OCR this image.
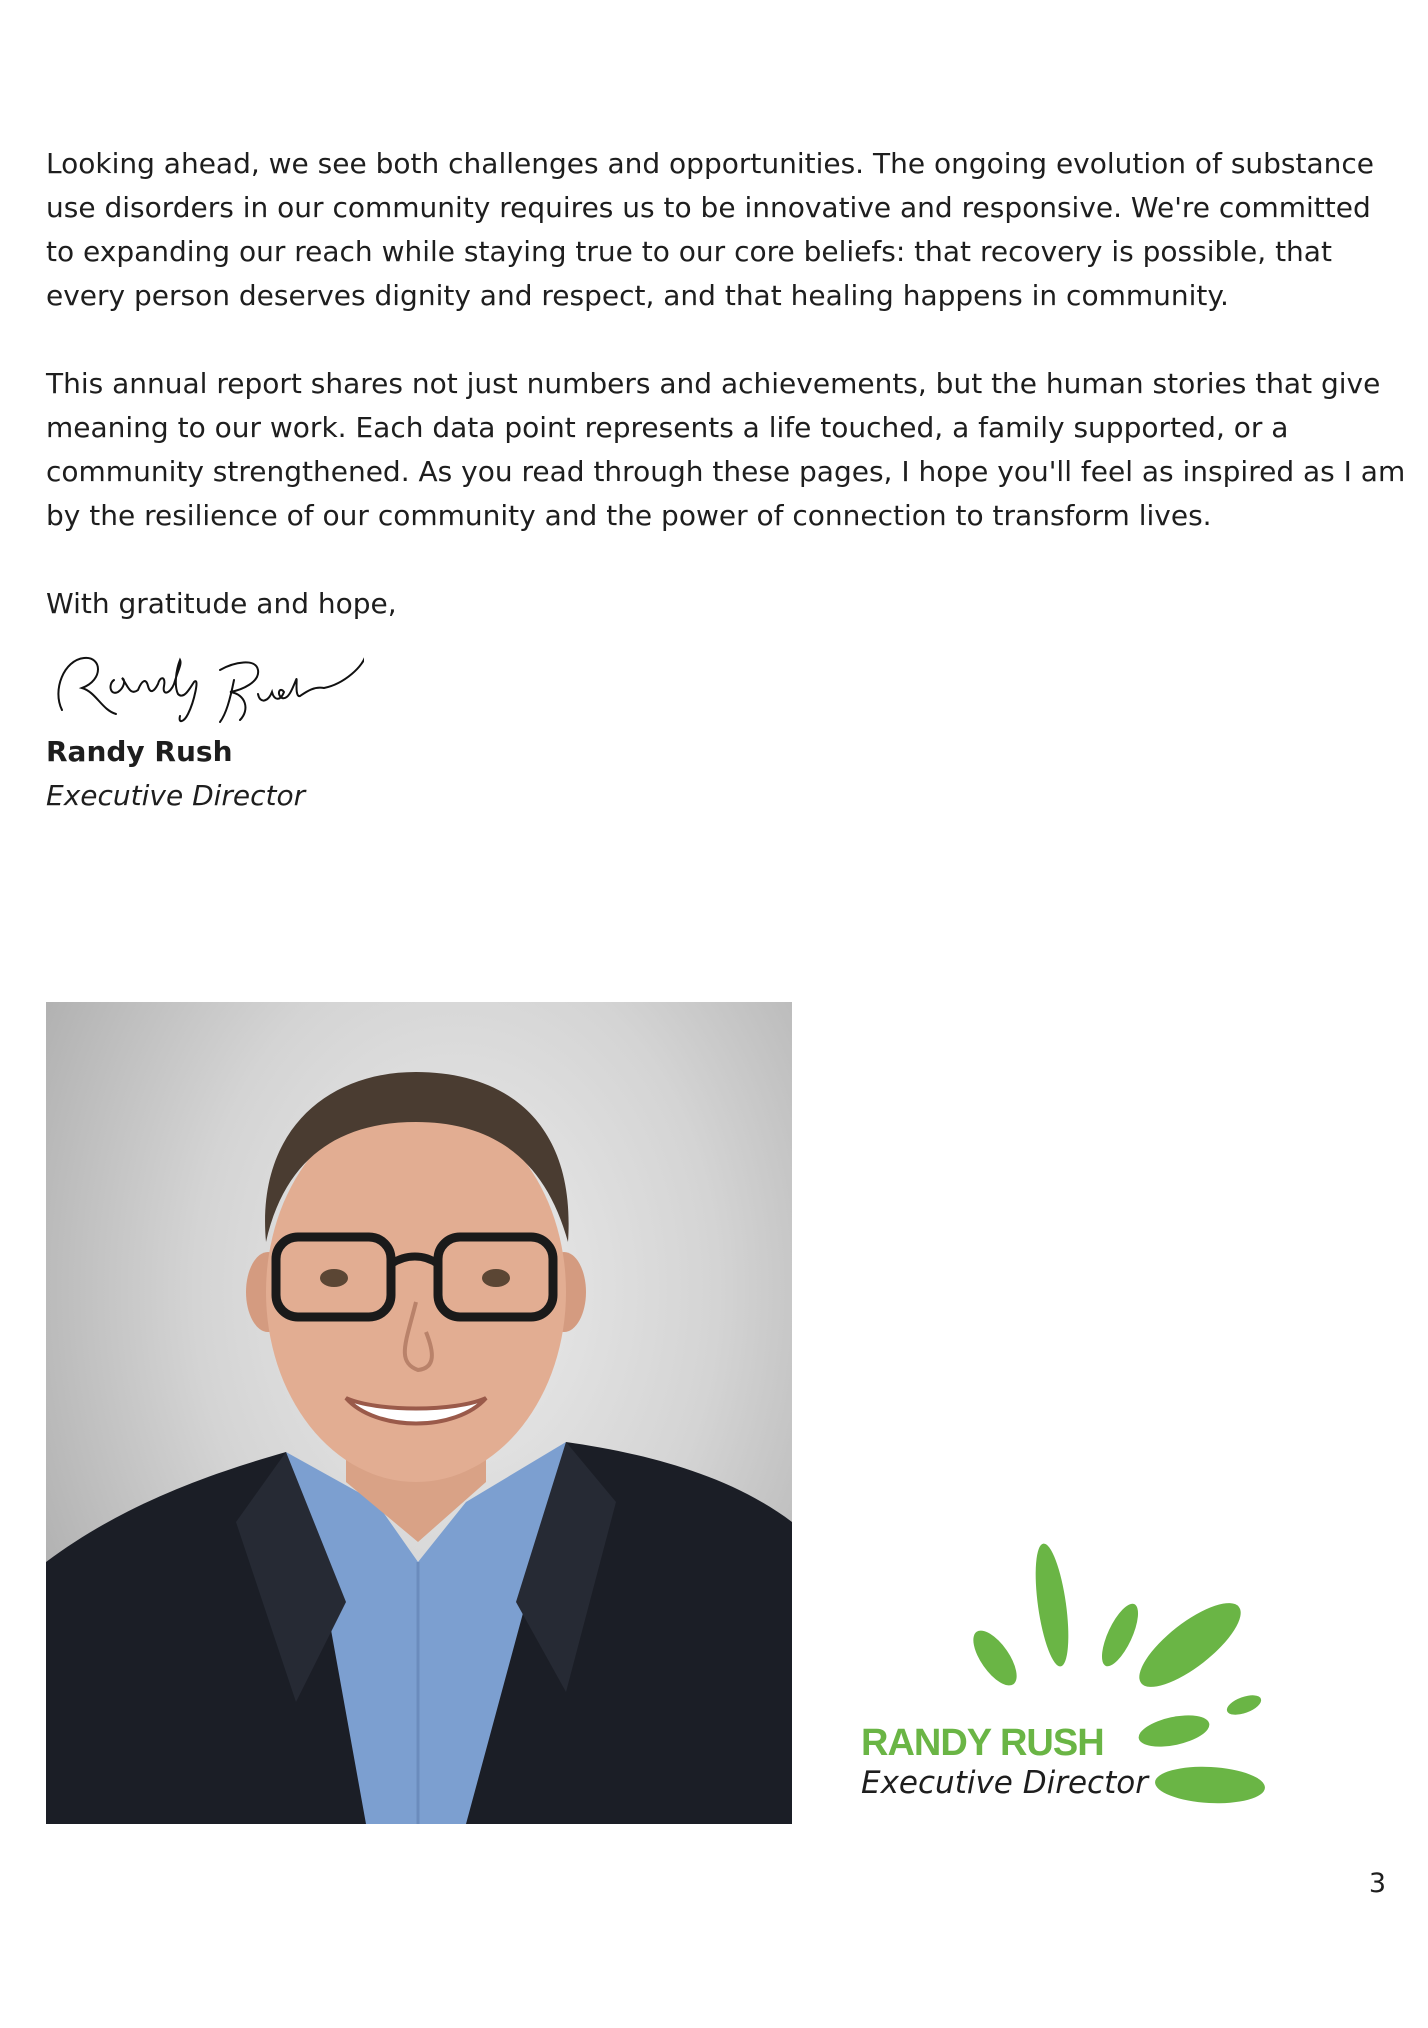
Looking ahead, we see both challenges and opportunities. The ongoing evolution of substance use disorders in our community requires us to be innovative and responsive. We're committed to expanding our reach while staying true to our core beliefs: that recovery is possible, that every person deserves dignity and respect, and that healing happens in community.

This annual report shares not just numbers and achievements, but the human stories that give meaning to our work. Each data point represents a life touched, a family supported, or a community strengthened. As you read through these pages, I hope you'll feel as inspired as I am by the resilience of our community and the power of connection to transform lives.

With gratitude and hope,

Randy Rush
Executive Director
RANDY RUSH
Executive Director
3
